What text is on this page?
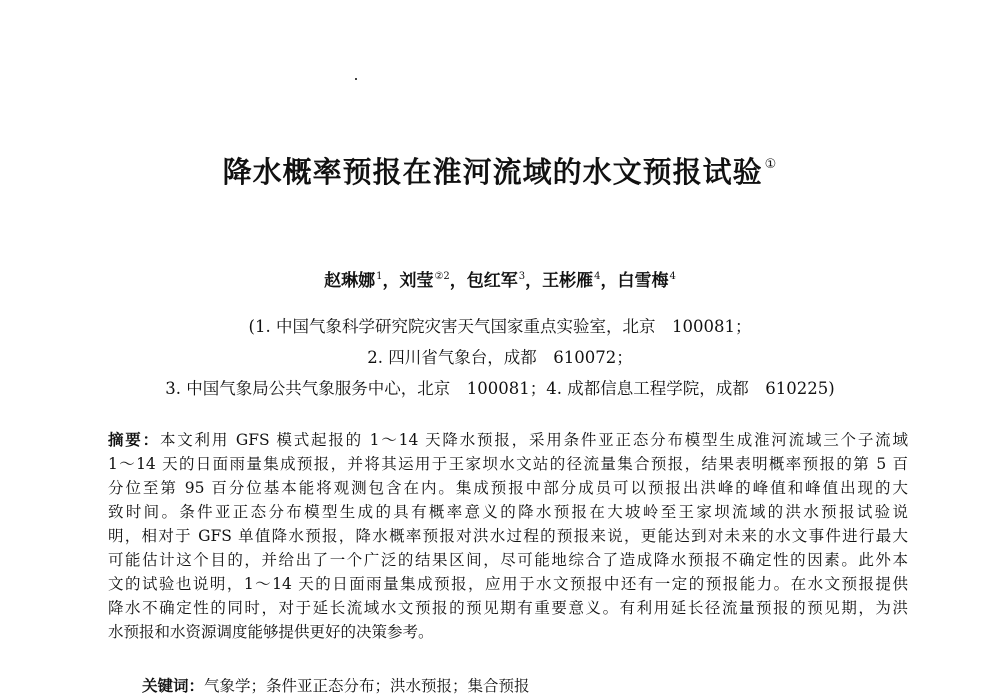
降水概率预报在淮河流域的水文预报试验 ①
赵琳娜$^1$，刘莹$^{②2}$，包红军$^3$，王彬雁$^4$，白雪梅$^4$
(1. 中国气象科学研究院灾害天气国家重点实验室，北京　100081；
2. 四川省气象台，成都　610072；
3. 中国气象局公共气象服务中心，北京　100081；4. 成都信息工程学院，成都　610225)
摘要：本文利用 GFS 模式起报的 1～14 天降水预报，采用条件亚正态分布模型生成淮河流域三个子流域
1～14 天的日面雨量集成预报，并将其运用于王家坝水文站的径流量集合预报，结果表明概率预报的第 5 百
分位至第 95 百分位基本能将观测包含在内。集成预报中部分成员可以预报出洪峰的峰值和峰值出现的大
致时间。条件亚正态分布模型生成的具有概率意义的降水预报在大坡岭至王家坝流域的洪水预报试验说
明，相对于 GFS 单值降水预报，降水概率预报对洪水过程的预报来说，更能达到对未来的水文事件进行最大
可能估计这个目的，并给出了一个广泛的结果区间，尽可能地综合了造成降水预报不确定性的因素。此外本
文的试验也说明，1～14 天的日面雨量集成预报，应用于水文预报中还有一定的预报能力。在水文预报提供
降水不确定性的同时，对于延长流域水文预报的预见期有重要意义。有利用延长径流量预报的预见期，为洪
水预报和水资源调度能够提供更好的决策参考。
关键词：气象学；条件亚正态分布；洪水预报；集合预报
